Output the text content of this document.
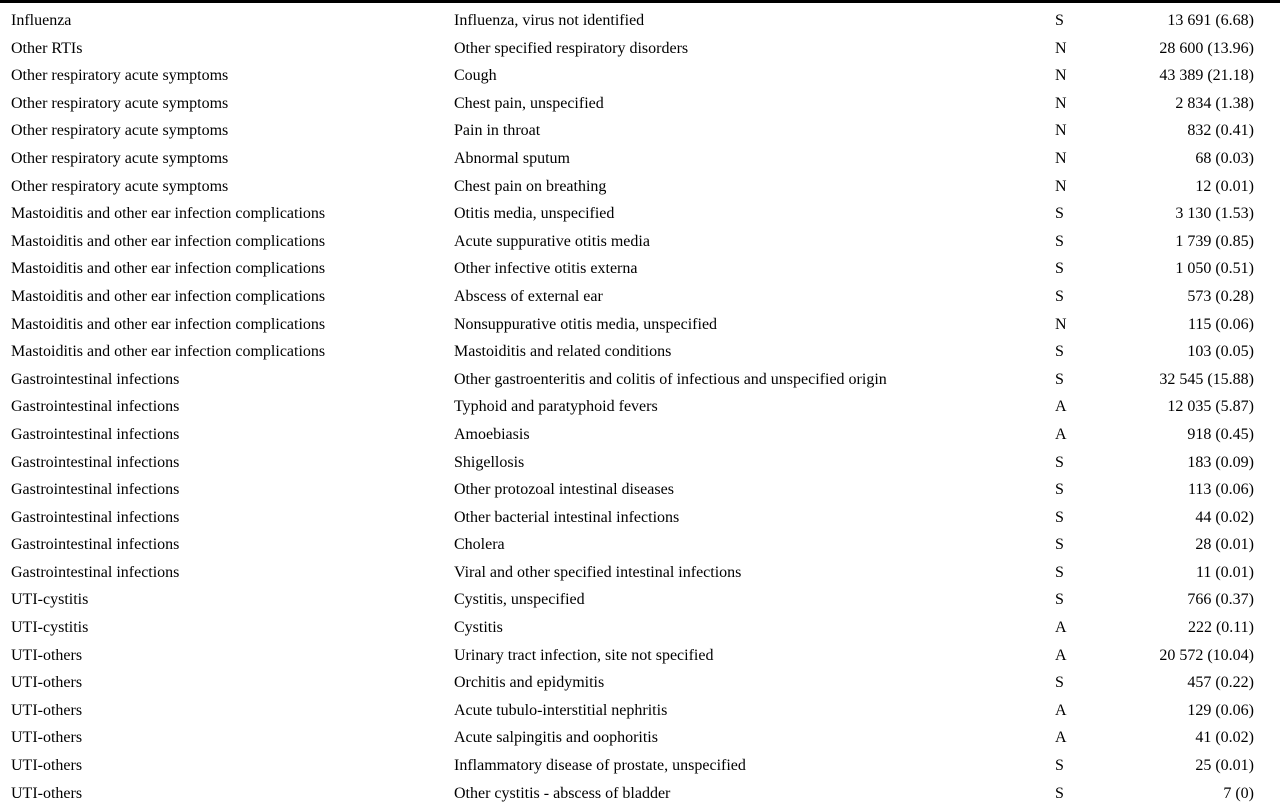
Influenza	Influenza, virus not identified	S	13 691 (6.68)
Other RTIs	Other specified respiratory disorders	N	28 600 (13.96)
Other respiratory acute symptoms	Cough	N	43 389 (21.18)
Other respiratory acute symptoms	Chest pain, unspecified	N	2 834 (1.38)
Other respiratory acute symptoms	Pain in throat	N	832 (0.41)
Other respiratory acute symptoms	Abnormal sputum	N	68 (0.03)
Other respiratory acute symptoms	Chest pain on breathing	N	12 (0.01)
Mastoiditis and other ear infection complications	Otitis media, unspecified	S	3 130 (1.53)
Mastoiditis and other ear infection complications	Acute suppurative otitis media	S	1 739 (0.85)
Mastoiditis and other ear infection complications	Other infective otitis externa	S	1 050 (0.51)
Mastoiditis and other ear infection complications	Abscess of external ear	S	573 (0.28)
Mastoiditis and other ear infection complications	Nonsuppurative otitis media, unspecified	N	115 (0.06)
Mastoiditis and other ear infection complications	Mastoiditis and related conditions	S	103 (0.05)
Gastrointestinal infections	Other gastroenteritis and colitis of infectious and unspecified origin	S	32 545 (15.88)
Gastrointestinal infections	Typhoid and paratyphoid fevers	A	12 035 (5.87)
Gastrointestinal infections	Amoebiasis	A	918 (0.45)
Gastrointestinal infections	Shigellosis	S	183 (0.09)
Gastrointestinal infections	Other protozoal intestinal diseases	S	113 (0.06)
Gastrointestinal infections	Other bacterial intestinal infections	S	44 (0.02)
Gastrointestinal infections	Cholera	S	28 (0.01)
Gastrointestinal infections	Viral and other specified intestinal infections	S	11 (0.01)
UTI-cystitis	Cystitis, unspecified	S	766 (0.37)
UTI-cystitis	Cystitis	A	222 (0.11)
UTI-others	Urinary tract infection, site not specified	A	20 572 (10.04)
UTI-others	Orchitis and epidymitis	S	457 (0.22)
UTI-others	Acute tubulo-interstitial nephritis	A	129 (0.06)
UTI-others	Acute salpingitis and oophoritis	A	41 (0.02)
UTI-others	Inflammatory disease of prostate, unspecified	S	25 (0.01)
UTI-others	Other cystitis - abscess of bladder	S	7 (0)
